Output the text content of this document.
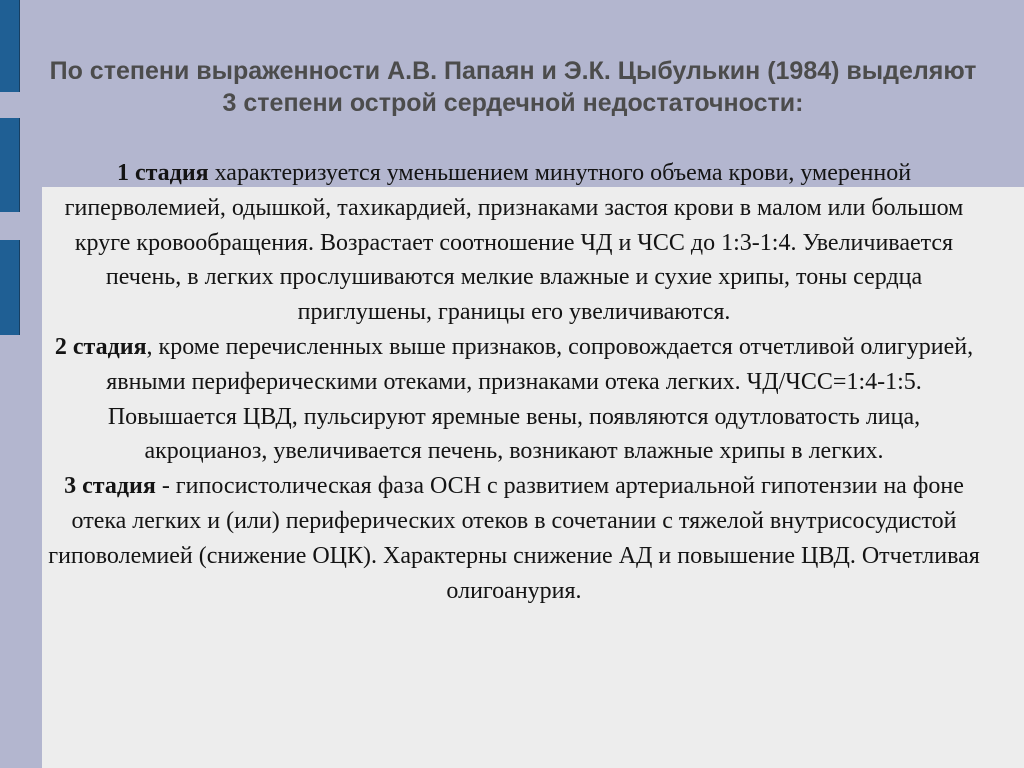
По степени выраженности А.В. Папаян и Э.К. Цыбулькин (1984) выделяют 3 степени острой сердечной недостаточности:

1 стадия характеризуется уменьшением минутного объема крови, умеренной гиперволемией, одышкой, тахикардией, признаками застоя крови в малом или большом круге кровообращения. Возрастает соотношение ЧД и ЧСС до 1:3-1:4. Увеличивается печень, в легких прослушиваются мелкие влажные и сухие хрипы, тоны сердца приглушены, границы его увеличиваются.

2 стадия, кроме перечисленных выше признаков, сопровождается отчетливой олигурией, явными периферическими отеками, признаками отека легких. ЧД/ЧСС=1:4-1:5. Повышается ЦВД, пульсируют яремные вены, появляются одутловатость лица, акроцианоз, увеличивается печень, возникают влажные хрипы в легких.

3 стадия - гипосистолическая фаза ОСН с развитием артериальной гипотензии на фоне отека легких и (или) периферических отеков в сочетании с тяжелой внутрисосудистой гиповолемией (снижение ОЦК). Характерны снижение АД и повышение ЦВД. Отчетливая олигоанурия.
